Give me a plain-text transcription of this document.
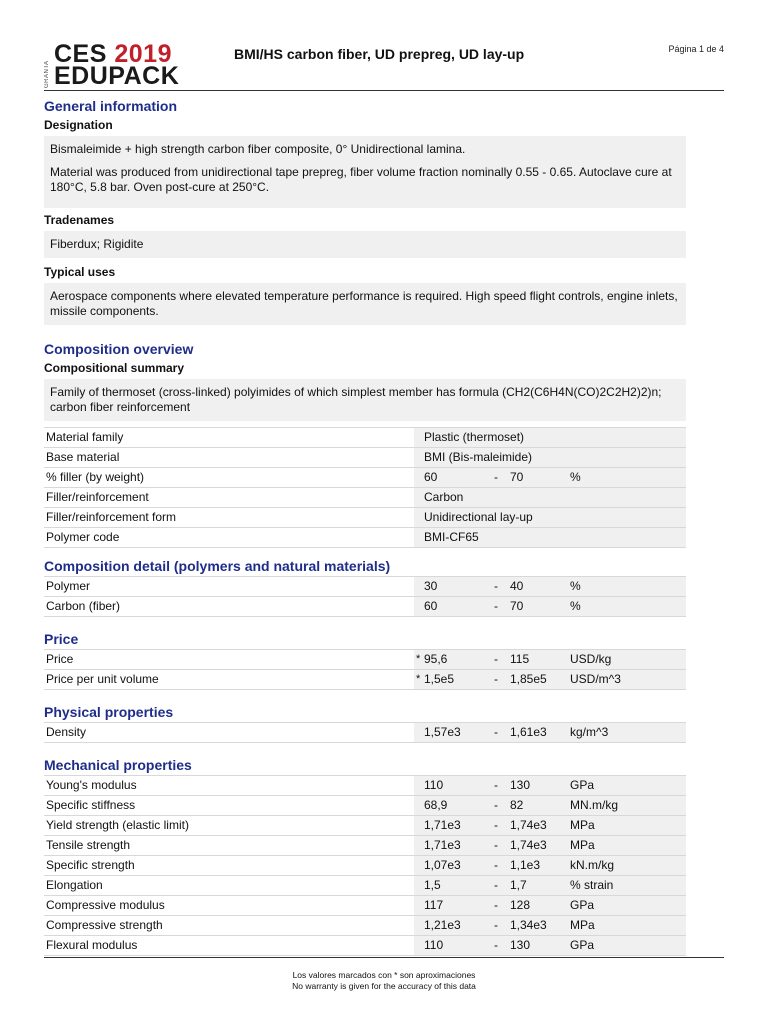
GRANTA
CES 2019
EDUPACK
BMI/HS carbon fiber, UD prepreg, UD lay-up	Página 1 de 4
General information
Designation

Bismaleimide + high strength carbon fiber composite, 0° Unidirectional lamina.

Material was produced from unidirectional tape prepreg, fiber volume fraction nominally 0.55 - 0.65. Autoclave cure at 180°C, 5.8 bar. Oven post-cure at 250°C.

Tradenames
Fiberdux; Rigidite
Typical uses
Aerospace components where elevated temperature performance is required. High speed flight controls, engine inlets, missile components.
Composition overview
Compositional summary
Family of thermoset (cross-linked) polyimides of which simplest member has formula (CH2(C6H4N(CO)2C2H2)2)n; carbon fiber reinforcement
Material family		Plastic (thermoset)			
Base material		BMI (Bis-maleimide)			
% filler (by weight)		60	-	70	%
Filler/reinforcement		Carbon			
Filler/reinforcement form		Unidirectional lay-up			
Polymer code		BMI-CF65			
Composition detail (polymers and natural materials)
Polymer		30	-	40	%
Carbon (fiber)		60	-	70	%
Price
Price	*	95,6	-	115	USD/kg
Price per unit volume	*	1,5e5	-	1,85e5	USD/m^3
Physical properties
Density		1,57e3	-	1,61e3	kg/m^3
Mechanical properties
Young's modulus		110	-	130	GPa
Specific stiffness		68,9	-	82	MN.m/kg
Yield strength (elastic limit)		1,71e3	-	1,74e3	MPa
Tensile strength		1,71e3	-	1,74e3	MPa
Specific strength		1,07e3	-	1,1e3	kN.m/kg
Elongation		1,5	-	1,7	% strain
Compressive modulus		117	-	128	GPa
Compressive strength		1,21e3	-	1,34e3	MPa
Flexural modulus		110	-	130	GPa
Los valores marcados con * son aproximaciones
No warranty is given for the accuracy of this data
